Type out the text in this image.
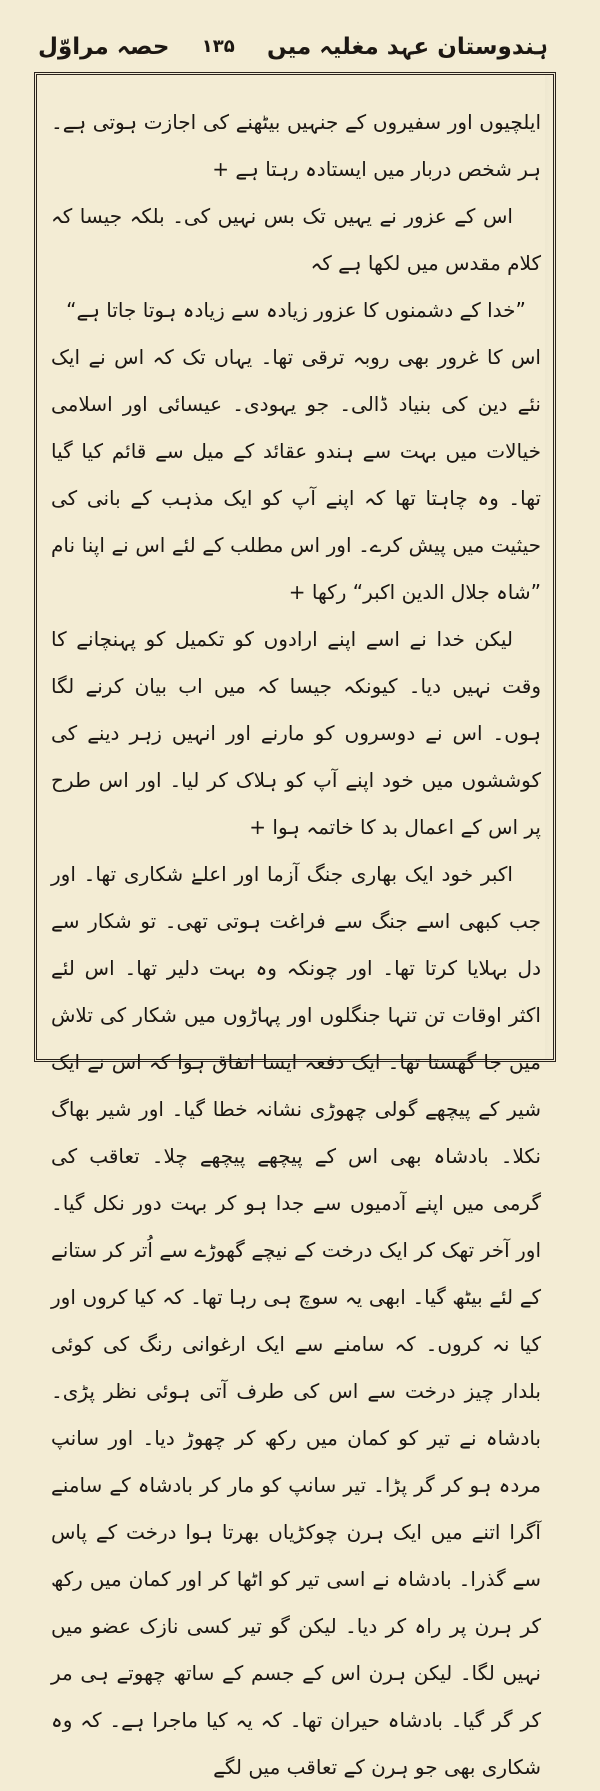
ہندوستان عہد مغلیہ میں
۱۳۵
حصہ مراوّل

ایلچیوں اور سفیروں کے جنہیں بیٹھنے کی اجازت ہوتی ہے۔ ہر شخص دربار میں ایستادہ رہتا ہے +

اس کے عزور نے یہیں تک بس نہیں کی۔ بلکہ جیسا کہ کلام مقدس میں لکھا ہے کہ

”خدا کے دشمنوں کا عزور زیادہ سے زیادہ ہوتا جاتا ہے“

اس کا غرور بھی روبہ ترقی تھا۔ یہاں تک کہ اس نے ایک نئے دین کی بنیاد ڈالی۔ جو یہودی۔ عیسائی اور اسلامی خیالات میں بہت سے ہندو عقائد کے میل سے قائم کیا گیا تھا۔ وہ چاہتا تھا کہ اپنے آپ کو ایک مذہب کے بانی کی حیثیت میں پیش کرے۔ اور اس مطلب کے لئے اس نے اپنا نام ”شاہ جلال الدین اکبر“ رکھا +

لیکن خدا نے اسے اپنے ارادوں کو تکمیل کو پہنچانے کا وقت نہیں دیا۔ کیونکہ جیسا کہ میں اب بیان کرنے لگا ہوں۔ اس نے دوسروں کو مارنے اور انہیں زہر دینے کی کوششوں میں خود اپنے آپ کو ہلاک کر لیا۔ اور اس طرح پر اس کے اعمال بد کا خاتمہ ہوا +

اکبر خود ایک بھاری جنگ آزما اور اعلےٰ شکاری تھا۔ اور جب کبھی اسے جنگ سے فراغت ہوتی تھی۔ تو شکار سے دل بہلایا کرتا تھا۔ اور چونکہ وہ بہت دلیر تھا۔ اس لئے اکثر اوقات تن تنہا جنگلوں اور پہاڑوں میں شکار کی تلاش میں جا گھستا تھا۔ ایک دفعہ ایسا اتفاق ہوا کہ اس نے ایک شیر کے پیچھے گولی چھوڑی نشانہ خطا گیا۔ اور شیر بھاگ نکلا۔ بادشاہ بھی اس کے پیچھے پیچھے چلا۔ تعاقب کی گرمی میں اپنے آدمیوں سے جدا ہو کر بہت دور نکل گیا۔ اور آخر تھک کر ایک درخت کے نیچے گھوڑے سے اُتر کر ستانے کے لئے بیٹھ گیا۔ ابھی یہ سوچ ہی رہا تھا۔ کہ کیا کروں اور کیا نہ کروں۔ کہ سامنے سے ایک ارغوانی رنگ کی کوئی بلدار چیز درخت سے اس کی طرف آتی ہوئی نظر پڑی۔ بادشاہ نے تیر کو کمان میں رکھ کر چھوڑ دیا۔ اور سانپ مردہ ہو کر گر پڑا۔ تیر سانپ کو مار کر بادشاہ کے سامنے آگرا اتنے میں ایک ہرن چوکڑیاں بھرتا ہوا درخت کے پاس سے گذرا۔ بادشاہ نے اسی تیر کو اٹھا کر اور کمان میں رکھ کر ہرن پر راہ کر دیا۔ لیکن گو تیر کسی نازک عضو میں نہیں لگا۔ لیکن ہرن اس کے جسم کے ساتھ چھوتے ہی مر کر گر گیا۔ بادشاہ حیران تھا۔ کہ یہ کیا ماجرا ہے۔ کہ وہ شکاری بھی جو ہرن کے تعاقب میں لگے
